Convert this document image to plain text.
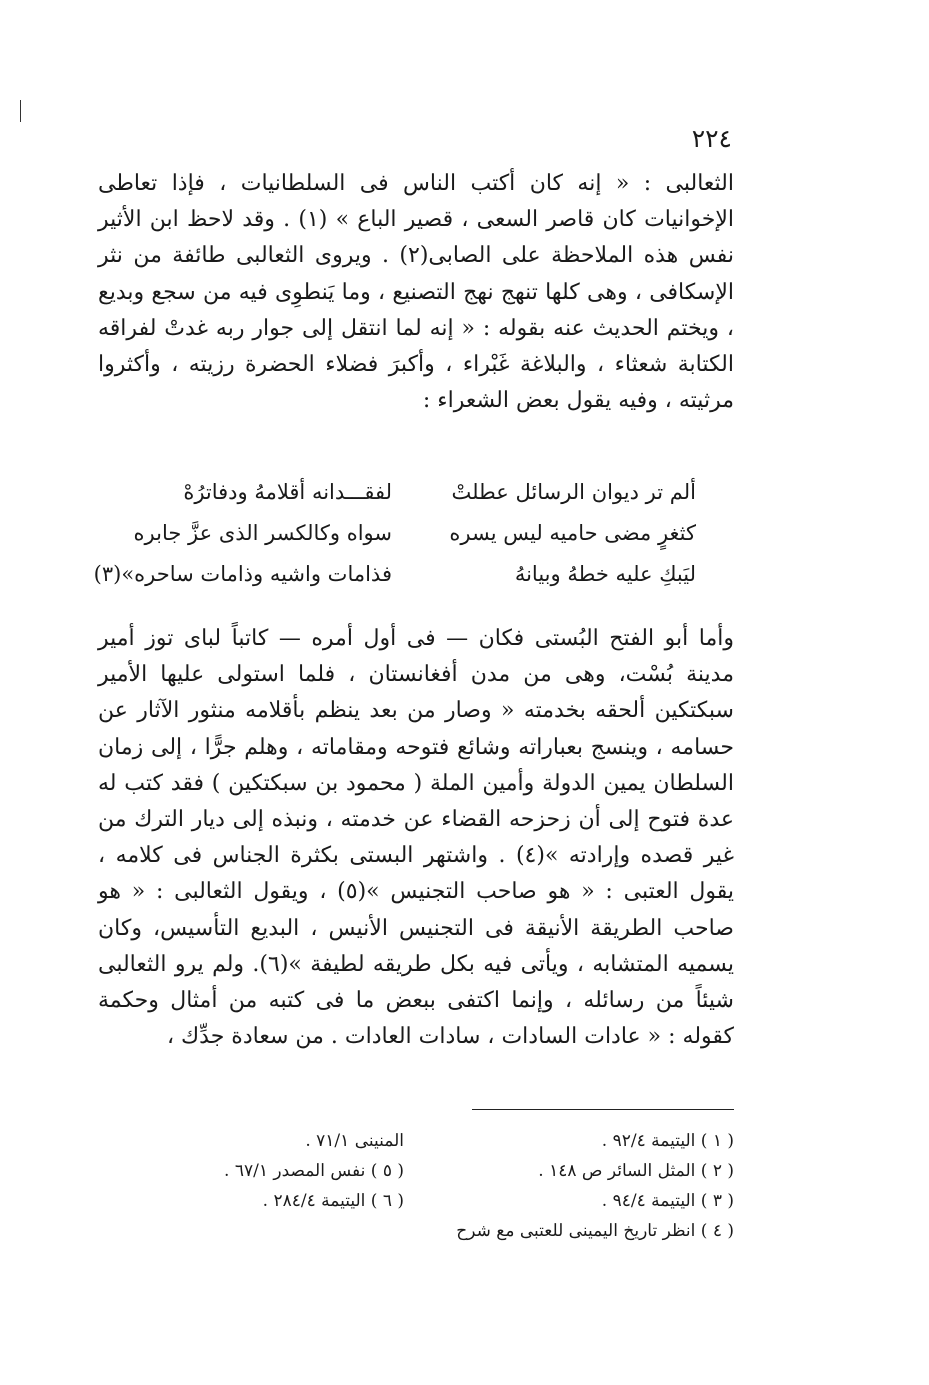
٢٢٤

الثعالبى : « إنه كان أكتب الناس فى السلطانيات ، فإذا تعاطى الإخوانيات كان قاصر السعى ، قصير الباع » (١) . وقد لاحظ ابن الأثير نفس هذه الملاحظة على الصابى(٢) . ويروى الثعالبى طائفة من نثر الإسكافى ، وهى كلها تنهج نهج التصنيع ، وما يَنطوِى فيه من سجع وبديع ، ويختم الحديث عنه بقوله : « إنه لما انتقل إلى جوار ربه غدتْ لفراقه الكتابة شعثاء ، والبلاغة غَبْراء ، وأكبرَ فضلاء الحضرة رزيته ، وأكثروا مرثيته ، وفيه يقول بعض الشعراء :

ألم تر ديوان الرسائل عطلتْ
لفقـــدانه أقلامهُ ودفاترُهْ
كثغرٍ مضى حاميه ليس يسره
سواه وكالكسر الذى عزَّ جابره
ليَبكِ عليه خطهُ وبيانهُ
فذامات واشيه وذامات ساحره»(٣)

وأما أبو الفتح البُستى فكان — فى أول أمره — كاتباً لباى توز أمير مدينة بُسْت، وهى من مدن أفغانستان ، فلما استولى عليها الأمير سبكتكين ألحقه بخدمته « وصار من بعد ينظم بأقلامه منثور الآثار عن حسامه ، وينسج بعباراته وشائع فتوحه ومقاماته ، وهلم جرًّا ، إلى زمان السلطان يمين الدولة وأمين الملة ( محمود بن سبكتكين ) فقد كتب له عدة فتوح إلى أن زحزحه القضاء عن خدمته ، ونبذه إلى ديار الترك من غير قصده وإرادته »(٤) . واشتهر البستى بكثرة الجناس فى كلامه ، يقول العتبى : « هو صاحب التجنيس »(٥) ، ويقول الثعالبى : « هو صاحب الطريقة الأنيقة فى التجنيس الأنيس ، البديع التأسيس، وكان يسميه المتشابه ، ويأتى فيه بكل طريقه لطيفة »(٦). ولم يرو الثعالبى شيئاً من رسائله ، وإنما اكتفى ببعض ما فى كتبه من أمثال وحكمة كقوله : « عادات السادات ، سادات العادات . من سعادة جدِّك ،

( ١ ) اليتيمة ٩٢/٤ .
المنينى ٧١/١ .
( ٢ ) المثل السائر ص ١٤٨ .
( ٥ ) نفس المصدر ٦٧/١ .
( ٣ ) اليتيمة ٩٤/٤ .
( ٦ ) اليتيمة ٢٨٤/٤ .
( ٤ ) انظر تاريخ اليمينى للعتبى مع شرح
